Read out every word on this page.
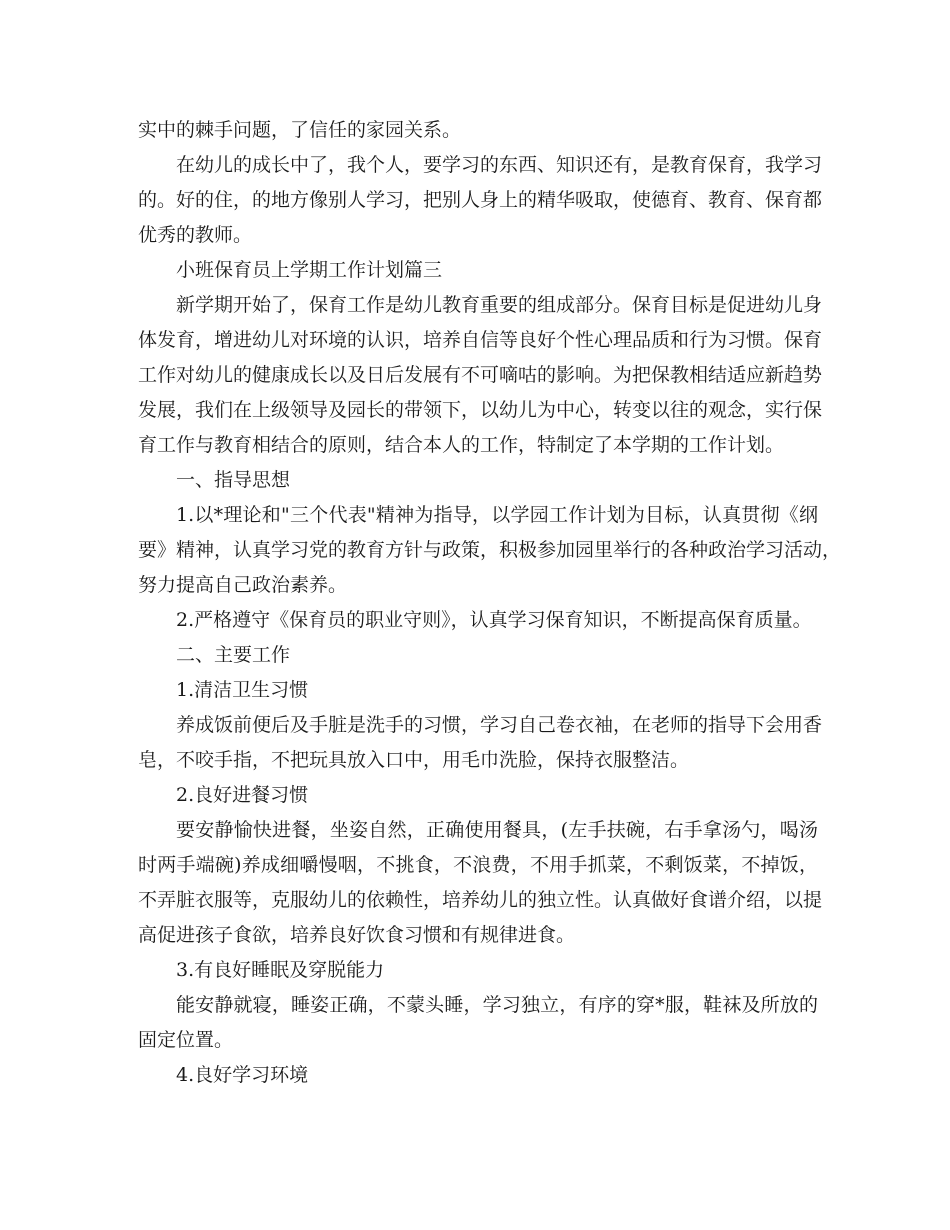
实中的棘手问题，了信任的家园关系。
在幼儿的成长中了，我个人，要学习的东西、知识还有，是教育保育，我学习
的。好的住，的地方像别人学习，把别人身上的精华吸取，使德育、教育、保育都
优秀的教师。
小班保育员上学期工作计划篇三
新学期开始了，保育工作是幼儿教育重要的组成部分。保育目标是促进幼儿身
体发育，增进幼儿对环境的认识，培养自信等良好个性心理品质和行为习惯。保育
工作对幼儿的健康成长以及日后发展有不可嘀咕的影响。为把保教相结适应新趋势
发展，我们在上级领导及园长的带领下，以幼儿为中心，转变以往的观念，实行保
育工作与教育相结合的原则，结合本人的工作，特制定了本学期的工作计划。
一、指导思想
1.以*理论和"三个代表"精神为指导，以学园工作计划为目标，认真贯彻《纲
要》精神，认真学习党的教育方针与政策，积极参加园里举行的各种政治学习活动，
努力提高自己政治素养。
2.严格遵守《保育员的职业守则》，认真学习保育知识，不断提高保育质量。
二、主要工作
1.清洁卫生习惯
养成饭前便后及手脏是洗手的习惯，学习自己卷衣袖，在老师的指导下会用香
皂，不咬手指，不把玩具放入口中，用毛巾洗脸，保持衣服整洁。
2.良好进餐习惯
要安静愉快进餐，坐姿自然，正确使用餐具，(左手扶碗，右手拿汤勺，喝汤
时两手端碗)养成细嚼慢咽，不挑食，不浪费，不用手抓菜，不剩饭菜，不掉饭，
不弄脏衣服等，克服幼儿的依赖性，培养幼儿的独立性。认真做好食谱介绍，以提
高促进孩子食欲，培养良好饮食习惯和有规律进食。
3.有良好睡眠及穿脱能力
能安静就寝，睡姿正确，不蒙头睡，学习独立，有序的穿*服，鞋袜及所放的
固定位置。
4.良好学习环境
